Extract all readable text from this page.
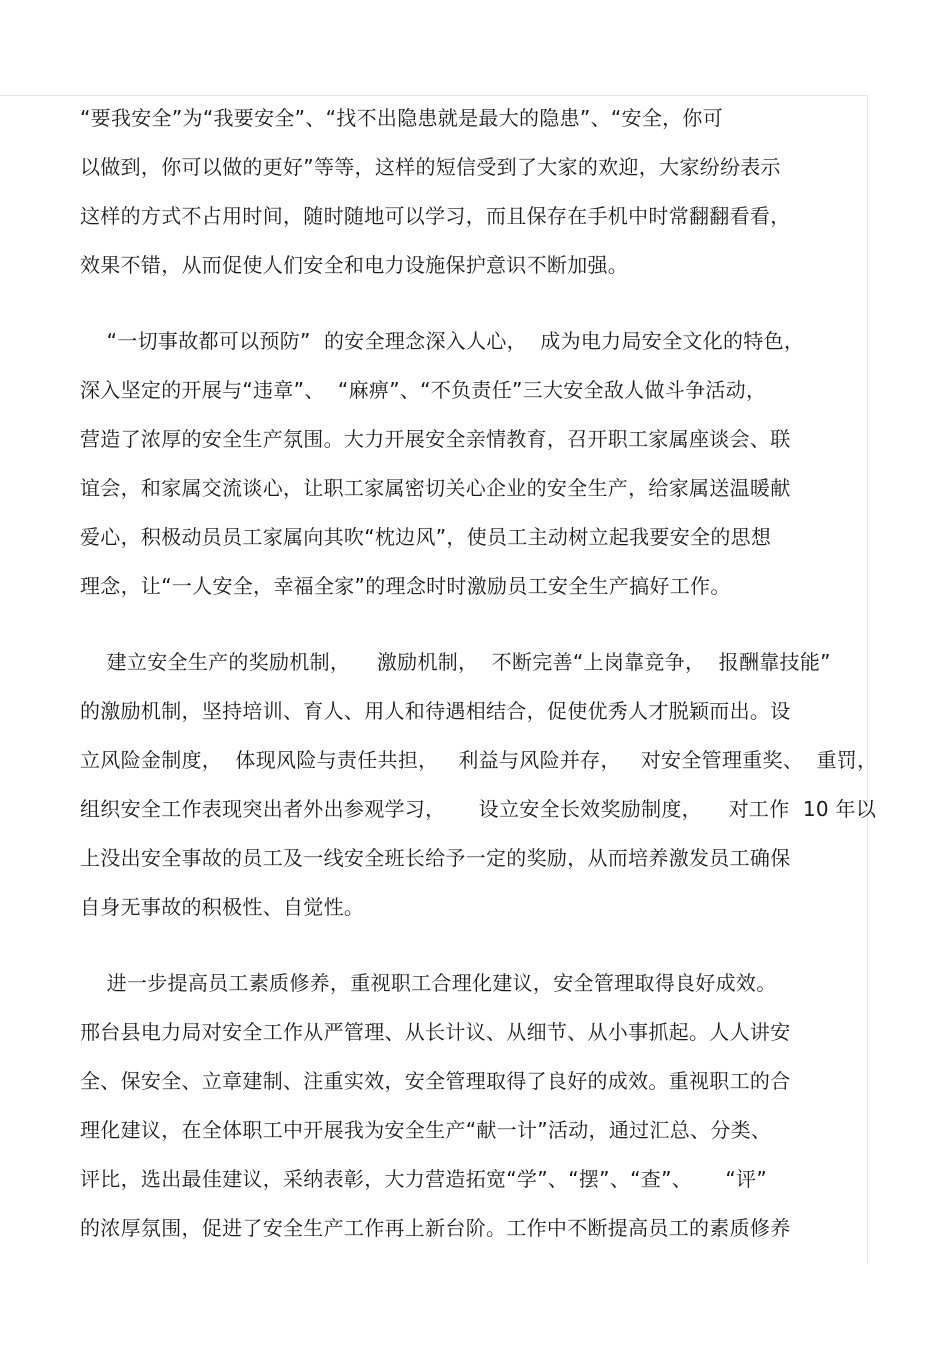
“要我安全”为“我要安全”、“找不出隐患就是最大的隐患”、“安全，你可
以做到，你可以做的更好”等等，这样的短信受到了大家的欢迎，大家纷纷表示
这样的方式不占用时间，随时随地可以学习，而且保存在手机中时常翻翻看看，
效果不错，从而促使人们安全和电力设施保护意识不断加强。
“一切事故都可以预防”  的安全理念深入人心，  成为电力局安全文化的特色，
深入坚定的开展与“违章”、  “麻痹”、“不负责任”三大安全敌人做斗争活动，
营造了浓厚的安全生产氛围。大力开展安全亲情教育，召开职工家属座谈会、联
谊会，和家属交流谈心，让职工家属密切关心企业的安全生产，给家属送温暖献
爱心，积极动员员工家属向其吹“枕边风”，使员工主动树立起我要安全的思想
理念，让“一人安全，幸福全家”的理念时时激励员工安全生产搞好工作。
建立安全生产的奖励机制，    激励机制，  不断完善“上岗靠竞争，  报酬靠技能”
的激励机制，坚持培训、育人、用人和待遇相结合，促使优秀人才脱颖而出。设
立风险金制度，  体现风险与责任共担，   利益与风险并存，   对安全管理重奖、  重罚，
组织安全工作表现突出者外出参观学习，     设立安全长效奖励制度，    对工作  10 年以
上没出安全事故的员工及一线安全班长给予一定的奖励，从而培养激发员工确保
自身无事故的积极性、自觉性。
进一步提高员工素质修养，重视职工合理化建议，安全管理取得良好成效。
邢台县电力局对安全工作从严管理、从长计议、从细节、从小事抓起。人人讲安
全、保安全、立章建制、注重实效，安全管理取得了良好的成效。重视职工的合
理化建议，在全体职工中开展我为安全生产“献一计”活动，通过汇总、分类、
评比，选出最佳建议，采纳表彰，大力营造拓宽“学”、“摆”、“查”、     “评”
的浓厚氛围，促进了安全生产工作再上新台阶。工作中不断提高员工的素质修养
